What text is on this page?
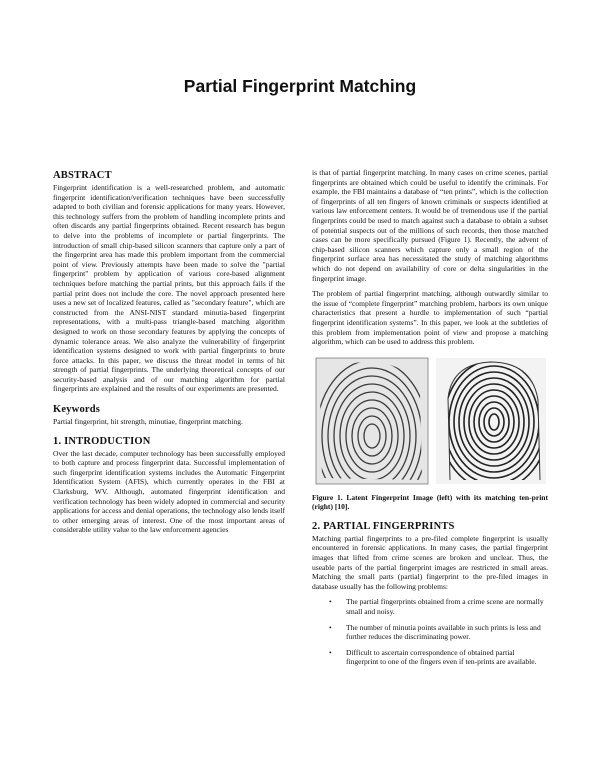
Partial Fingerprint Matching
ABSTRACT

Fingerprint identification is a well-researched problem, and automatic fingerprint identification/verification techniques have been successfully adapted to both civilian and forensic applications for many years. However, this technology suffers from the problem of handling incomplete prints and often discards any partial fingerprints obtained. Recent research has begun to delve into the problems of incomplete or partial fingerprints. The introduction of small chip-based silicon scanners that capture only a part of the fingerprint area has made this problem important from the commercial point of view. Previously attempts have been made to solve the "partial fingerprint" problem by application of various core-based alignment techniques before matching the partial prints, but this approach fails if the partial print does not include the core. The novel approach presented here uses a new set of localized features, called as "secondary feature", which are constructed from the ANSI-NIST standard minutia-based fingerprint representations, with a multi-pass triangle-based matching algorithm designed to work on those secondary features by applying the concepts of dynamic tolerance areas. We also analyze the vulnerability of fingerprint identification systems designed to work with partial fingerprints to brute force attacks. In this paper, we discuss the threat model in terms of hit strength of partial fingerprints. The underlying theoretical concepts of our security-based analysis and of our matching algorithm for partial fingerprints are explained and the results of our experiments are presented.

Keywords

Partial fingerprint, hit strength, minutiae, fingerprint matching.

1. INTRODUCTION

Over the last decade, computer technology has been successfully employed to both capture and process fingerprint data. Successful implementation of such fingerprint identification systems includes the Automatic Fingerprint Identification System (AFIS), which currently operates in the FBI at Clarksburg, WV. Although, automated fingerprint identification and verification technology has been widely adopted in commercial and security applications for access and denial operations, the technology also lends itself to other emerging areas of interest. One of the most important areas of considerable utility value to the law enforcement agencies

is that of partial fingerprint matching. In many cases on crime scenes, partial fingerprints are obtained which could be useful to identify the criminals. For example, the FBI maintains a database of “ten prints”, which is the collection of fingerprints of all ten fingers of known criminals or suspects identified at various law enforcement centers. It would be of tremendous use if the partial fingerprints could be used to match against such a database to obtain a subset of potential suspects out of the millions of such records, then those matched cases can be more specifically pursued (Figure 1). Recently, the advent of chip-based silicon scanners which capture only a small region of the fingerprint surface area has necessitated the study of matching algorithms which do not depend on availability of core or delta singularities in the fingerprint image.

The problem of partial fingerprint matching, although outwardly similar to the issue of “complete fingerprint” matching problem, harbors its own unique characteristics that present a hurdle to implementation of such “partial fingerprint identification systems”. In this paper, we look at the subtleties of this problem from implementation point of view and propose a matching algorithm, which can be used to address this problem.

Figure 1. Latent Fingerprint Image (left) with its matching ten-print (right) [10].

2. PARTIAL FINGERPRINTS

Matching partial fingerprints to a pre-filed complete fingerprint is usually encountered in forensic applications. In many cases, the partial fingerprint images that lifted from crime scenes are broken and unclear. Thus, the useable parts of the partial fingerprint images are restricted in small areas. Matching the small parts (partial) fingerprint to the pre-filed images in database usually has the following problems:

• The partial fingerprints obtained from a crime scene are normally small and noisy.
• The number of minutia points available in such prints is less and further reduces the discriminating power.
• Difficult to ascertain correspondence of obtained partial fingerprint to one of the fingers even if ten-prints are available.
